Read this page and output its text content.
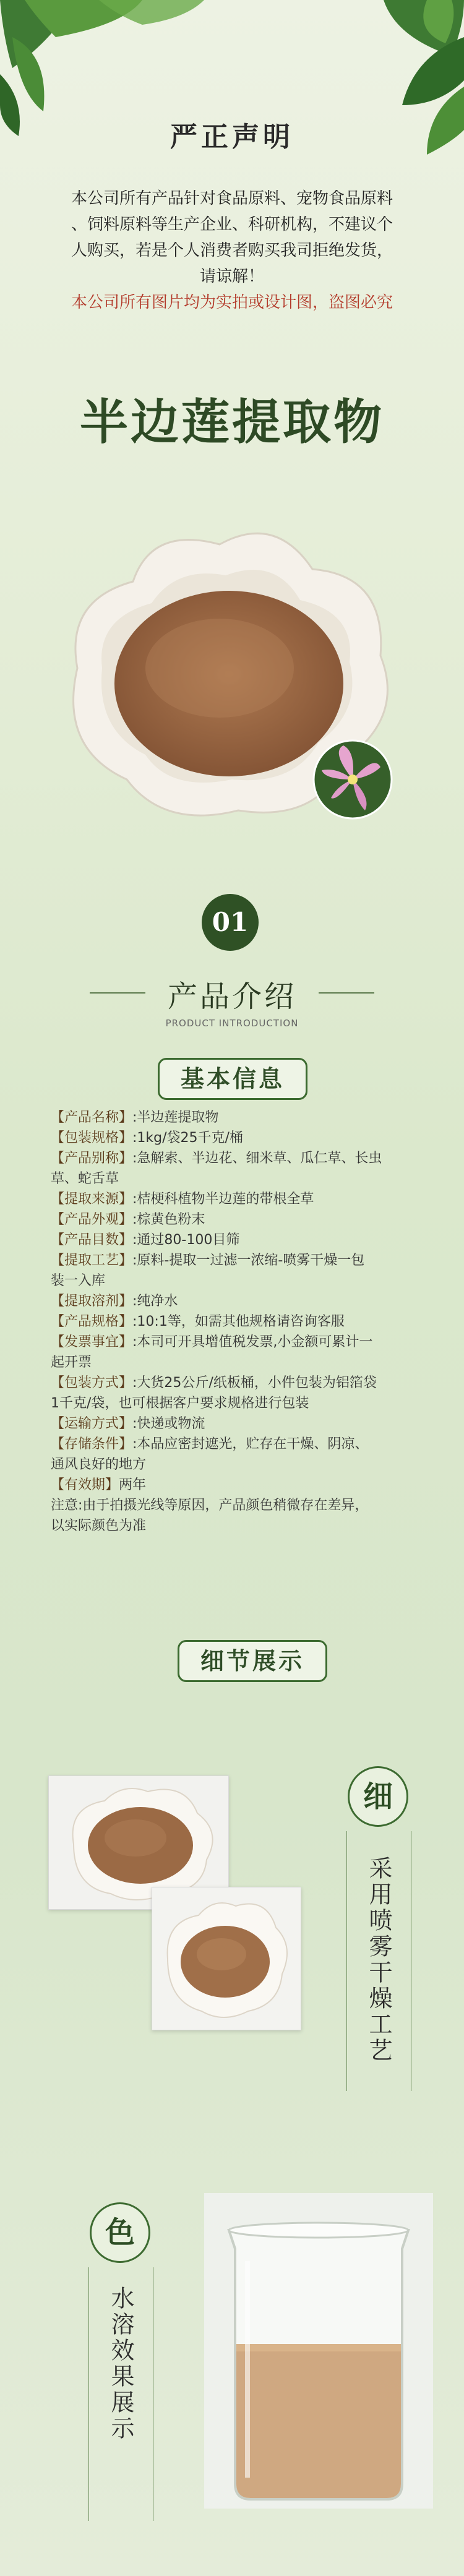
严正声明
本公司所有产品针对食品原料、宠物食品原料
、饲料原料等生产企业、科研机构，不建议个
人购买，若是个人消费者购买我司拒绝发货，
请谅解！
本公司所有图片均为实拍或设计图，盗图必究
半边莲提取物
01
产品介绍
PRODUCT INTRODUCTION
基本信息
【产品名称】:半边莲提取物
【包装规格】:1kg/袋25千克/桶
【产品别称】:急解索、半边花、细米草、瓜仁草、长虫
草、蛇舌草
【提取来源】:桔梗科植物半边莲的带根全草
【产品外观】:棕黄色粉末
【产品目数】:通过80-100目筛
【提取工艺】:原料-提取一过滤一浓缩-喷雾干燥一包
装一入库
【提取溶剂】:纯净水
【产品规格】:10:1等，如需其他规格请咨询客服
【发票事宜】:本司可开具增值税发票,小金额可累计一
起开票
【包装方式】:大货25公斤/纸板桶，小件包装为铝箔袋
1千克/袋，也可根据客户要求规格进行包装
【运输方式】:快递或物流
【存储条件】:本品应密封遮光，贮存在干燥、阴凉、
通风良好的地方
【有效期】两年
注意:由于拍摄光线等原因，产品颜色稍微存在差异，
以实际颜色为准
细节展示
细
采用喷雾干燥工艺
色
水溶效果展示
